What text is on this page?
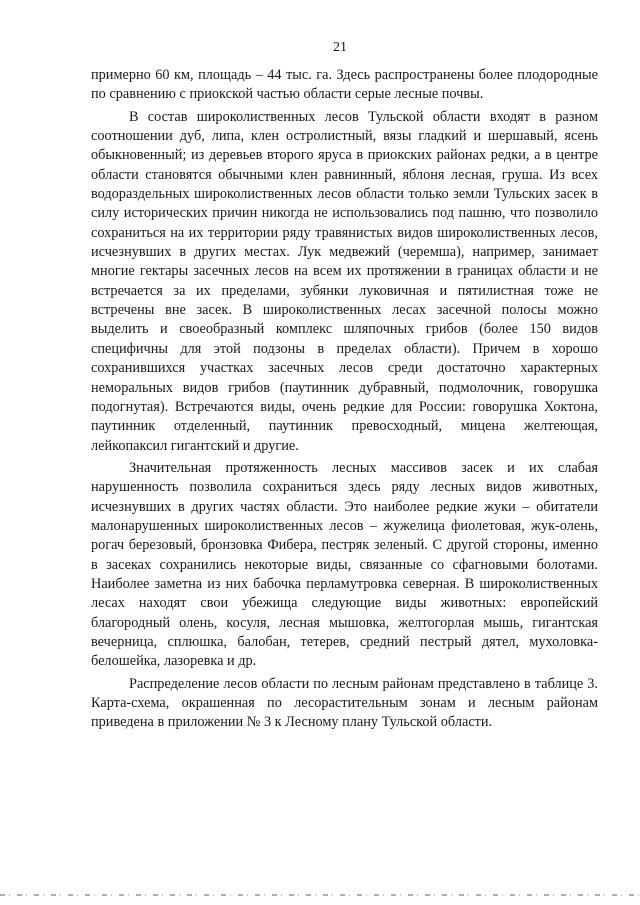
21

примерно 60 км, площадь – 44 тыс. га. Здесь распространены более плодородные по сравнению с приокской частью области серые лесные почвы.

В состав широколиственных лесов Тульской области входят в разном соотношении дуб, липа, клен остролистный, вязы гладкий и шершавый, ясень обыкновенный; из деревьев второго яруса в приокских районах редки, а в центре области становятся обычными клен равнинный, яблоня лесная, груша. Из всех водораздельных широколиственных лесов области только земли Тульских засек в силу исторических причин никогда не использовались под пашню, что позволило сохраниться на их территории ряду травянистых видов широколиственных лесов, исчезнувших в других местах. Лук медвежий (черемша), например, занимает многие гектары засечных лесов на всем их протяжении в границах области и не встречается за их пределами, зубянки луковичная и пятилистная тоже не встречены вне засек. В широколиственных лесах засечной полосы можно выделить и своеобразный комплекс шляпочных грибов (более 150 видов специфичны для этой подзоны в пределах области). Причем в хорошо сохранившихся участках засечных лесов среди достаточно характерных неморальных видов грибов (паутинник дубравный, подмолочник, говорушка подогнутая). Встречаются виды, очень редкие для России: говорушка Хоктона, паутинник отделенный, паутинник превосходный, мицена желтеющая, лейкопаксил гигантский и другие.

Значительная протяженность лесных массивов засек и их слабая нарушенность позволила сохраниться здесь ряду лесных видов животных, исчезнувших в других частях области. Это наиболее редкие жуки – обитатели малонарушенных широколиственных лесов – жужелица фиолетовая, жук-олень, рогач березовый, бронзовка Фибера, пестряк зеленый. С другой стороны, именно в засеках сохранились некоторые виды, связанные со сфагновыми болотами. Наиболее заметна из них бабочка перламутровка северная. В широколиственных лесах находят свои убежища следующие виды животных: европейский благородный олень, косуля, лесная мышовка, желтогорлая мышь, гигантская вечерница, сплюшка, балобан, тетерев, средний пестрый дятел, мухоловка-белошейка, лазоревка и др.

Распределение лесов области по лесным районам представлено в таблице 3. Карта-схема, окрашенная по лесорастительным зонам и лесным районам приведена в приложении № 3 к Лесному плану Тульской области.
